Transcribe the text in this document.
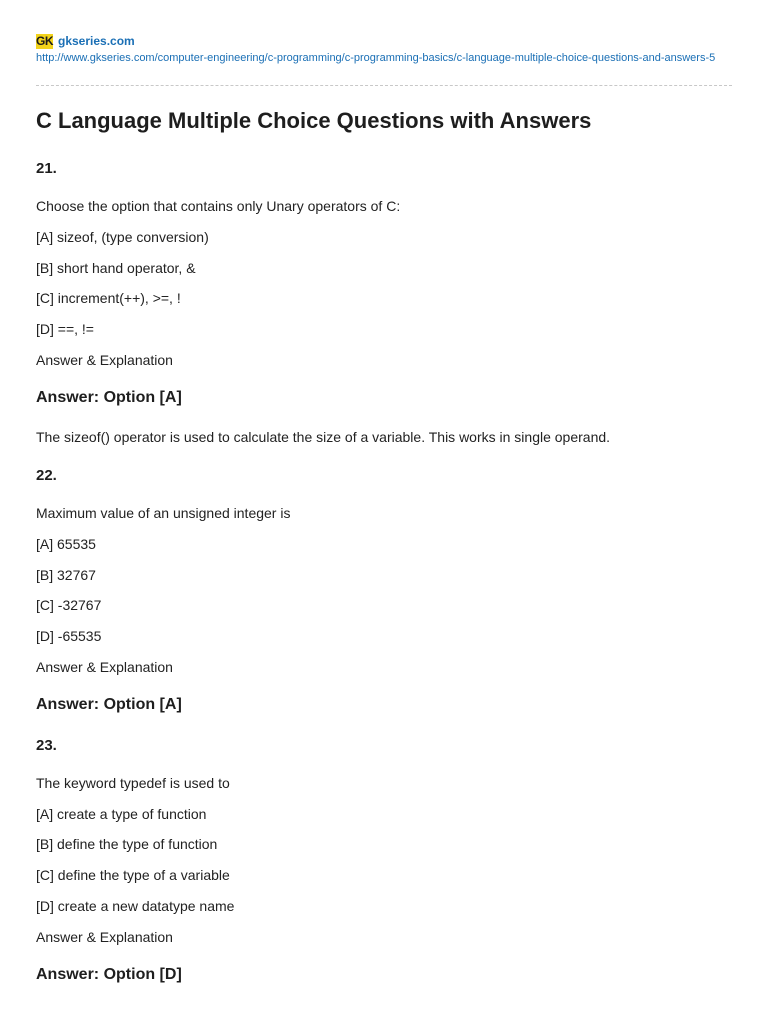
GK gkseries.com
http://www.gkseries.com/computer-engineering/c-programming/c-programming-basics/c-language-multiple-choice-questions-and-answers-5
C Language Multiple Choice Questions with Answers

21.

Choose the option that contains only Unary operators of C:

[A] sizeof, (type conversion)

[B] short hand operator, &

[C] increment(++), >=, !

[D] ==, !=

Answer & Explanation

Answer: Option [A]

The sizeof() operator is used to calculate the size of a variable. This works in single operand.

22.

Maximum value of an unsigned integer is

[A] 65535

[B] 32767

[C] -32767

[D] -65535

Answer & Explanation

Answer: Option [A]

23.

The keyword typedef is used to

[A] create a type of function

[B] define the type of function

[C] define the type of a variable

[D] create a new datatype name

Answer & Explanation

Answer: Option [D]
